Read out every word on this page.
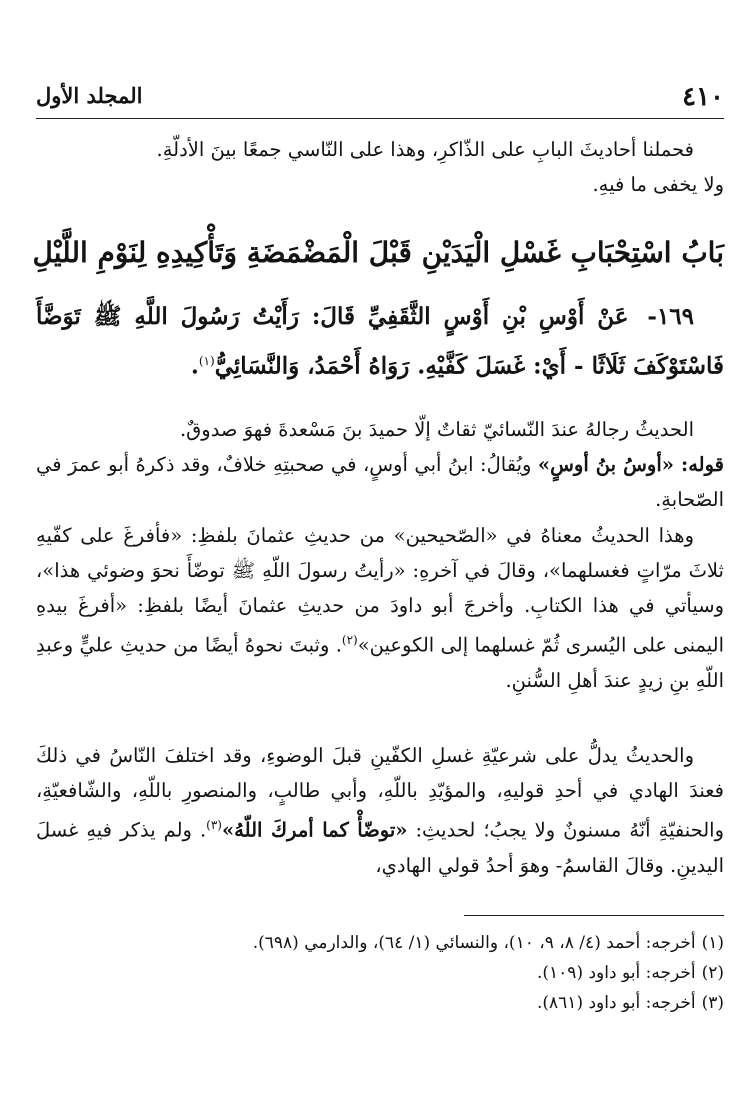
٤١٠
المجلد الأول

فحملنا أحاديثَ البابِ على الذّاكرِ، وهذا على النّاسي جمعًا بينَ الأدلّةِ.

ولا يخفى ما فيهِ.

بَابُ اسْتِحْبَابِ غَسْلِ الْيَدَيْنِ قَبْلَ الْمَضْمَضَةِ وَتَأْكِيدِهِ لِنَوْمِ اللَّيْلِ
١٦٩- عَنْ أَوْسِ بْنِ أَوْسٍ الثَّقَفِيِّ قَالَ: رَأَيْتُ رَسُولَ اللَّهِ ﷺ تَوَضَّأَ فَاسْتَوْكَفَ ثَلَاثًا - أَيْ: غَسَلَ كَفَّيْهِ. رَوَاهُ أَحْمَدُ، وَالنَّسَائِيُّ$^{(١)}$.

الحديثُ رجالهُ عندَ النّسائيّ ثقاتٌ إلّا حميدَ بنَ مَسْعدةَ فهوَ صدوقٌ.

قوله: «أوسُ بنُ أوسٍ» ويُقالُ: ابنُ أبي أوسٍ، في صحبتِهِ خلافٌ، وقد ذكرهُ أبو عمرَ في الصّحابةِ.

وهذا الحديثُ معناهُ في «الصّحيحين» من حديثِ عثمانَ بلفظِ: «فأفرغَ على كفّيهِ ثلاثَ مرّاتٍ فغسلهما»، وقالَ في آخرهِ: «رأيتُ رسولَ اللّهِ ﷺ توضّأَ نحوَ وضوئي هذا»، وسيأتي في هذا الكتابِ. وأخرجَ أبو داودَ من حديثِ عثمانَ أيضًا بلفظِ: «أفرغَ بيدهِ اليمنى على اليُسرى ثُمّ غسلهما إلى الكوعين»$^{(٢)}$. وثبتَ نحوهُ أيضًا من حديثِ عليٍّ وعبدِ اللّهِ بنِ زيدٍ عندَ أهلِ السُّننِ.

والحديثُ يدلُّ على شرعيّةِ غسلِ الكفّينِ قبلَ الوضوءِ، وقد اختلفَ النّاسُ في ذلكَ فعندَ الهادي في أحدِ قوليهِ، والمؤيّدِ باللّهِ، وأبي طالبٍ، والمنصورِ باللّهِ، والشّافعيّةِ، والحنفيّةِ أنّهُ مسنونٌ ولا يجبُ؛ لحديثِ: «توضّأْ كما أمركَ اللّهُ»$^{(٣)}$. ولم يذكر فيهِ غسلَ اليدينِ. وقالَ القاسمُ- وهوَ أحدُ قولي الهادي،

(١)
أخرجه: أحمد (٤/ ٨، ٩، ١٠)، والنسائي (١/ ٦٤)، والدارمي (٦٩٨).
(٢)
أخرجه: أبو داود (١٠٩).
(٣)
أخرجه: أبو داود (٨٦١).
